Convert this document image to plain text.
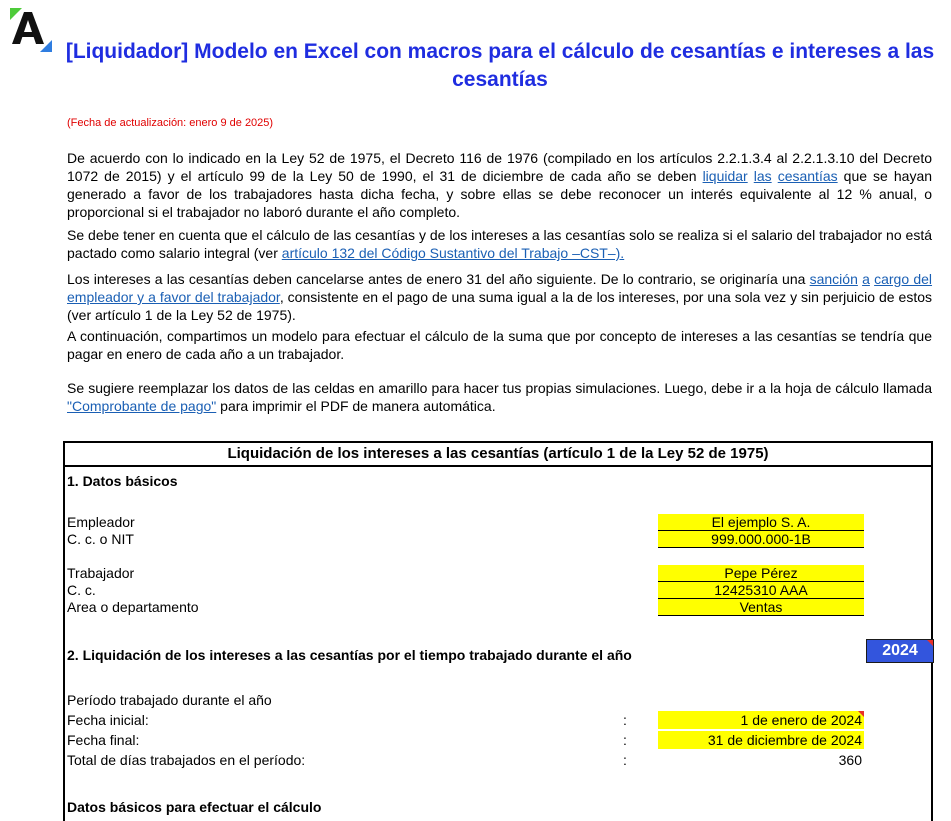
A
[Liquidador] Modelo en Excel con macros para el cálculo de cesantías e intereses a las cesantías
(Fecha de actualización: enero 9 de 2025)

De acuerdo con lo indicado en la Ley 52 de 1975, el Decreto 116 de 1976 (compilado en los artículos 2.2.1.3.4 al 2.2.1.3.10 del Decreto 1072 de 2015) y el artículo 99 de la Ley 50 de 1990, el 31 de diciembre de cada año se deben liquidar las cesantías que se hayan generado a favor de los trabajadores hasta dicha fecha, y sobre ellas se debe reconocer un interés equivalente al 12 % anual, o proporcional si el trabajador no laboró durante el año completo.

Se debe tener en cuenta que el cálculo de las cesantías y de los intereses a las cesantías solo se realiza si el salario del trabajador no está pactado como salario integral (ver artículo 132 del Código Sustantivo del Trabajo –CST–).

Los intereses a las cesantías deben cancelarse antes de enero 31 del año siguiente. De lo contrario, se originaría una sanción a cargo del empleador y a favor del trabajador, consistente en el pago de una suma igual a la de los intereses, por una sola vez y sin perjuicio de estos (ver artículo 1 de la Ley 52 de 1975).

A continuación, compartimos un modelo para efectuar el cálculo de la suma que por concepto de intereses a las cesantías se tendría que pagar en enero de cada año a un trabajador.

Se sugiere reemplazar los datos de las celdas en amarillo para hacer tus propias simulaciones. Luego, debe ir a la hoja de cálculo llamada "Comprobante de pago" para imprimir el PDF de manera automática.

Liquidación de los intereses a las cesantías (artículo 1 de la Ley 52 de 1975)
1. Datos básicos
Empleador	El ejemplo S. A.
C. c. o NIT	999.000.000-1B
Trabajador	Pepe Pérez
C. c.	12425310 AAA
Area o departamento	Ventas
2. Liquidación de los intereses a las cesantías por el tiempo trabajado durante el año	2024
Período trabajado durante el año
Fecha inicial:	:	1 de enero de 2024
Fecha final:	:	31 de diciembre de 2024
Total de días trabajados en el período:	:	360
Datos básicos para efectuar el cálculo
